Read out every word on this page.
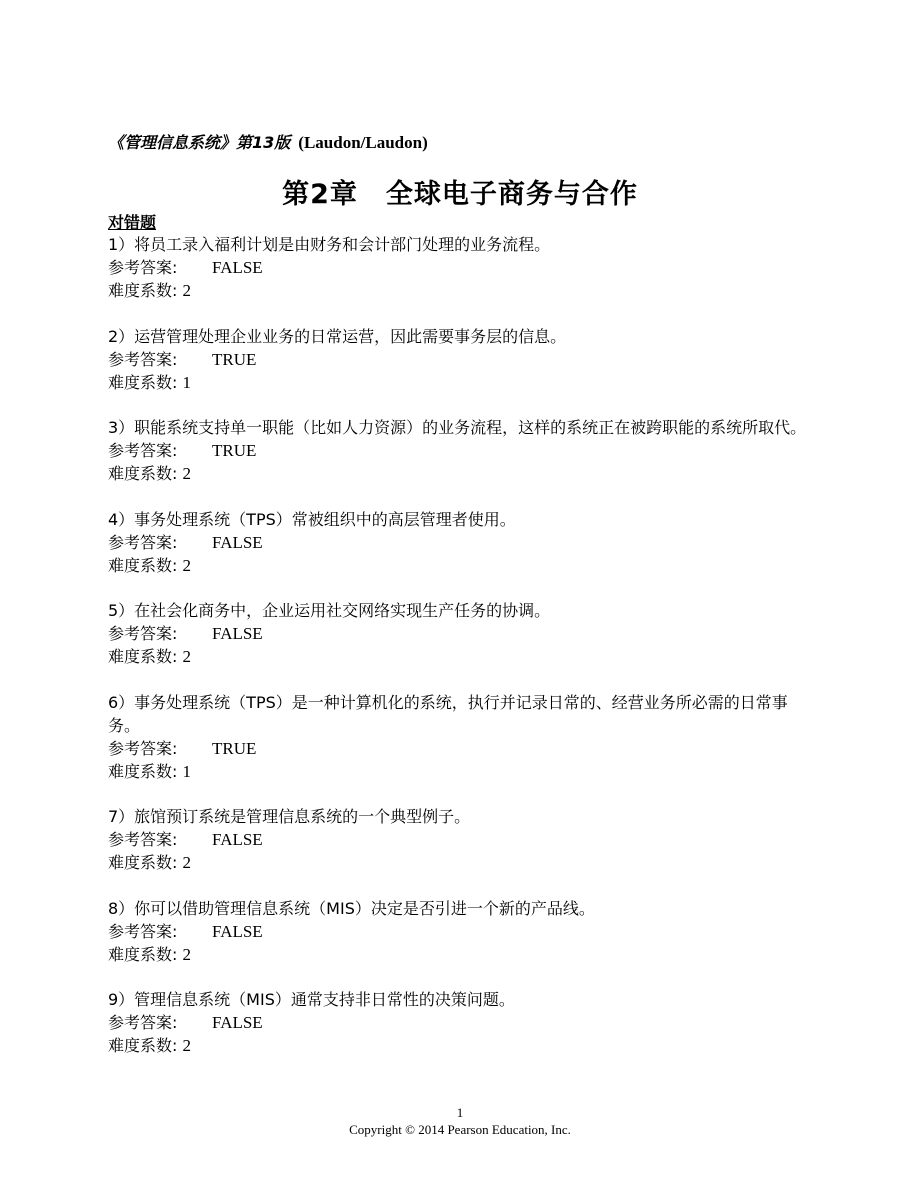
《管理信息系统》第13版 (Laudon/Laudon)
第2章　全球电子商务与合作
对错题
1）将员工录入福利计划是由财务和会计部门处理的业务流程。
参考答案: FALSE
难度系数: 2
2）运营管理处理企业业务的日常运营，因此需要事务层的信息。
参考答案: TRUE
难度系数: 1
3）职能系统支持单一职能（比如人力资源）的业务流程，这样的系统正在被跨职能的系统所取代。
参考答案: TRUE
难度系数: 2
4）事务处理系统（TPS）常被组织中的高层管理者使用。
参考答案: FALSE
难度系数: 2
5）在社会化商务中，企业运用社交网络实现生产任务的协调。
参考答案: FALSE
难度系数: 2
6）事务处理系统（TPS）是一种计算机化的系统，执行并记录日常的、经营业务所必需的日常事务。
参考答案: TRUE
难度系数: 1
7）旅馆预订系统是管理信息系统的一个典型例子。
参考答案: FALSE
难度系数: 2
8）你可以借助管理信息系统（MIS）决定是否引进一个新的产品线。
参考答案: FALSE
难度系数: 2
9）管理信息系统（MIS）通常支持非日常性的决策问题。
参考答案: FALSE
难度系数: 2
1
Copyright © 2014 Pearson Education, Inc.
